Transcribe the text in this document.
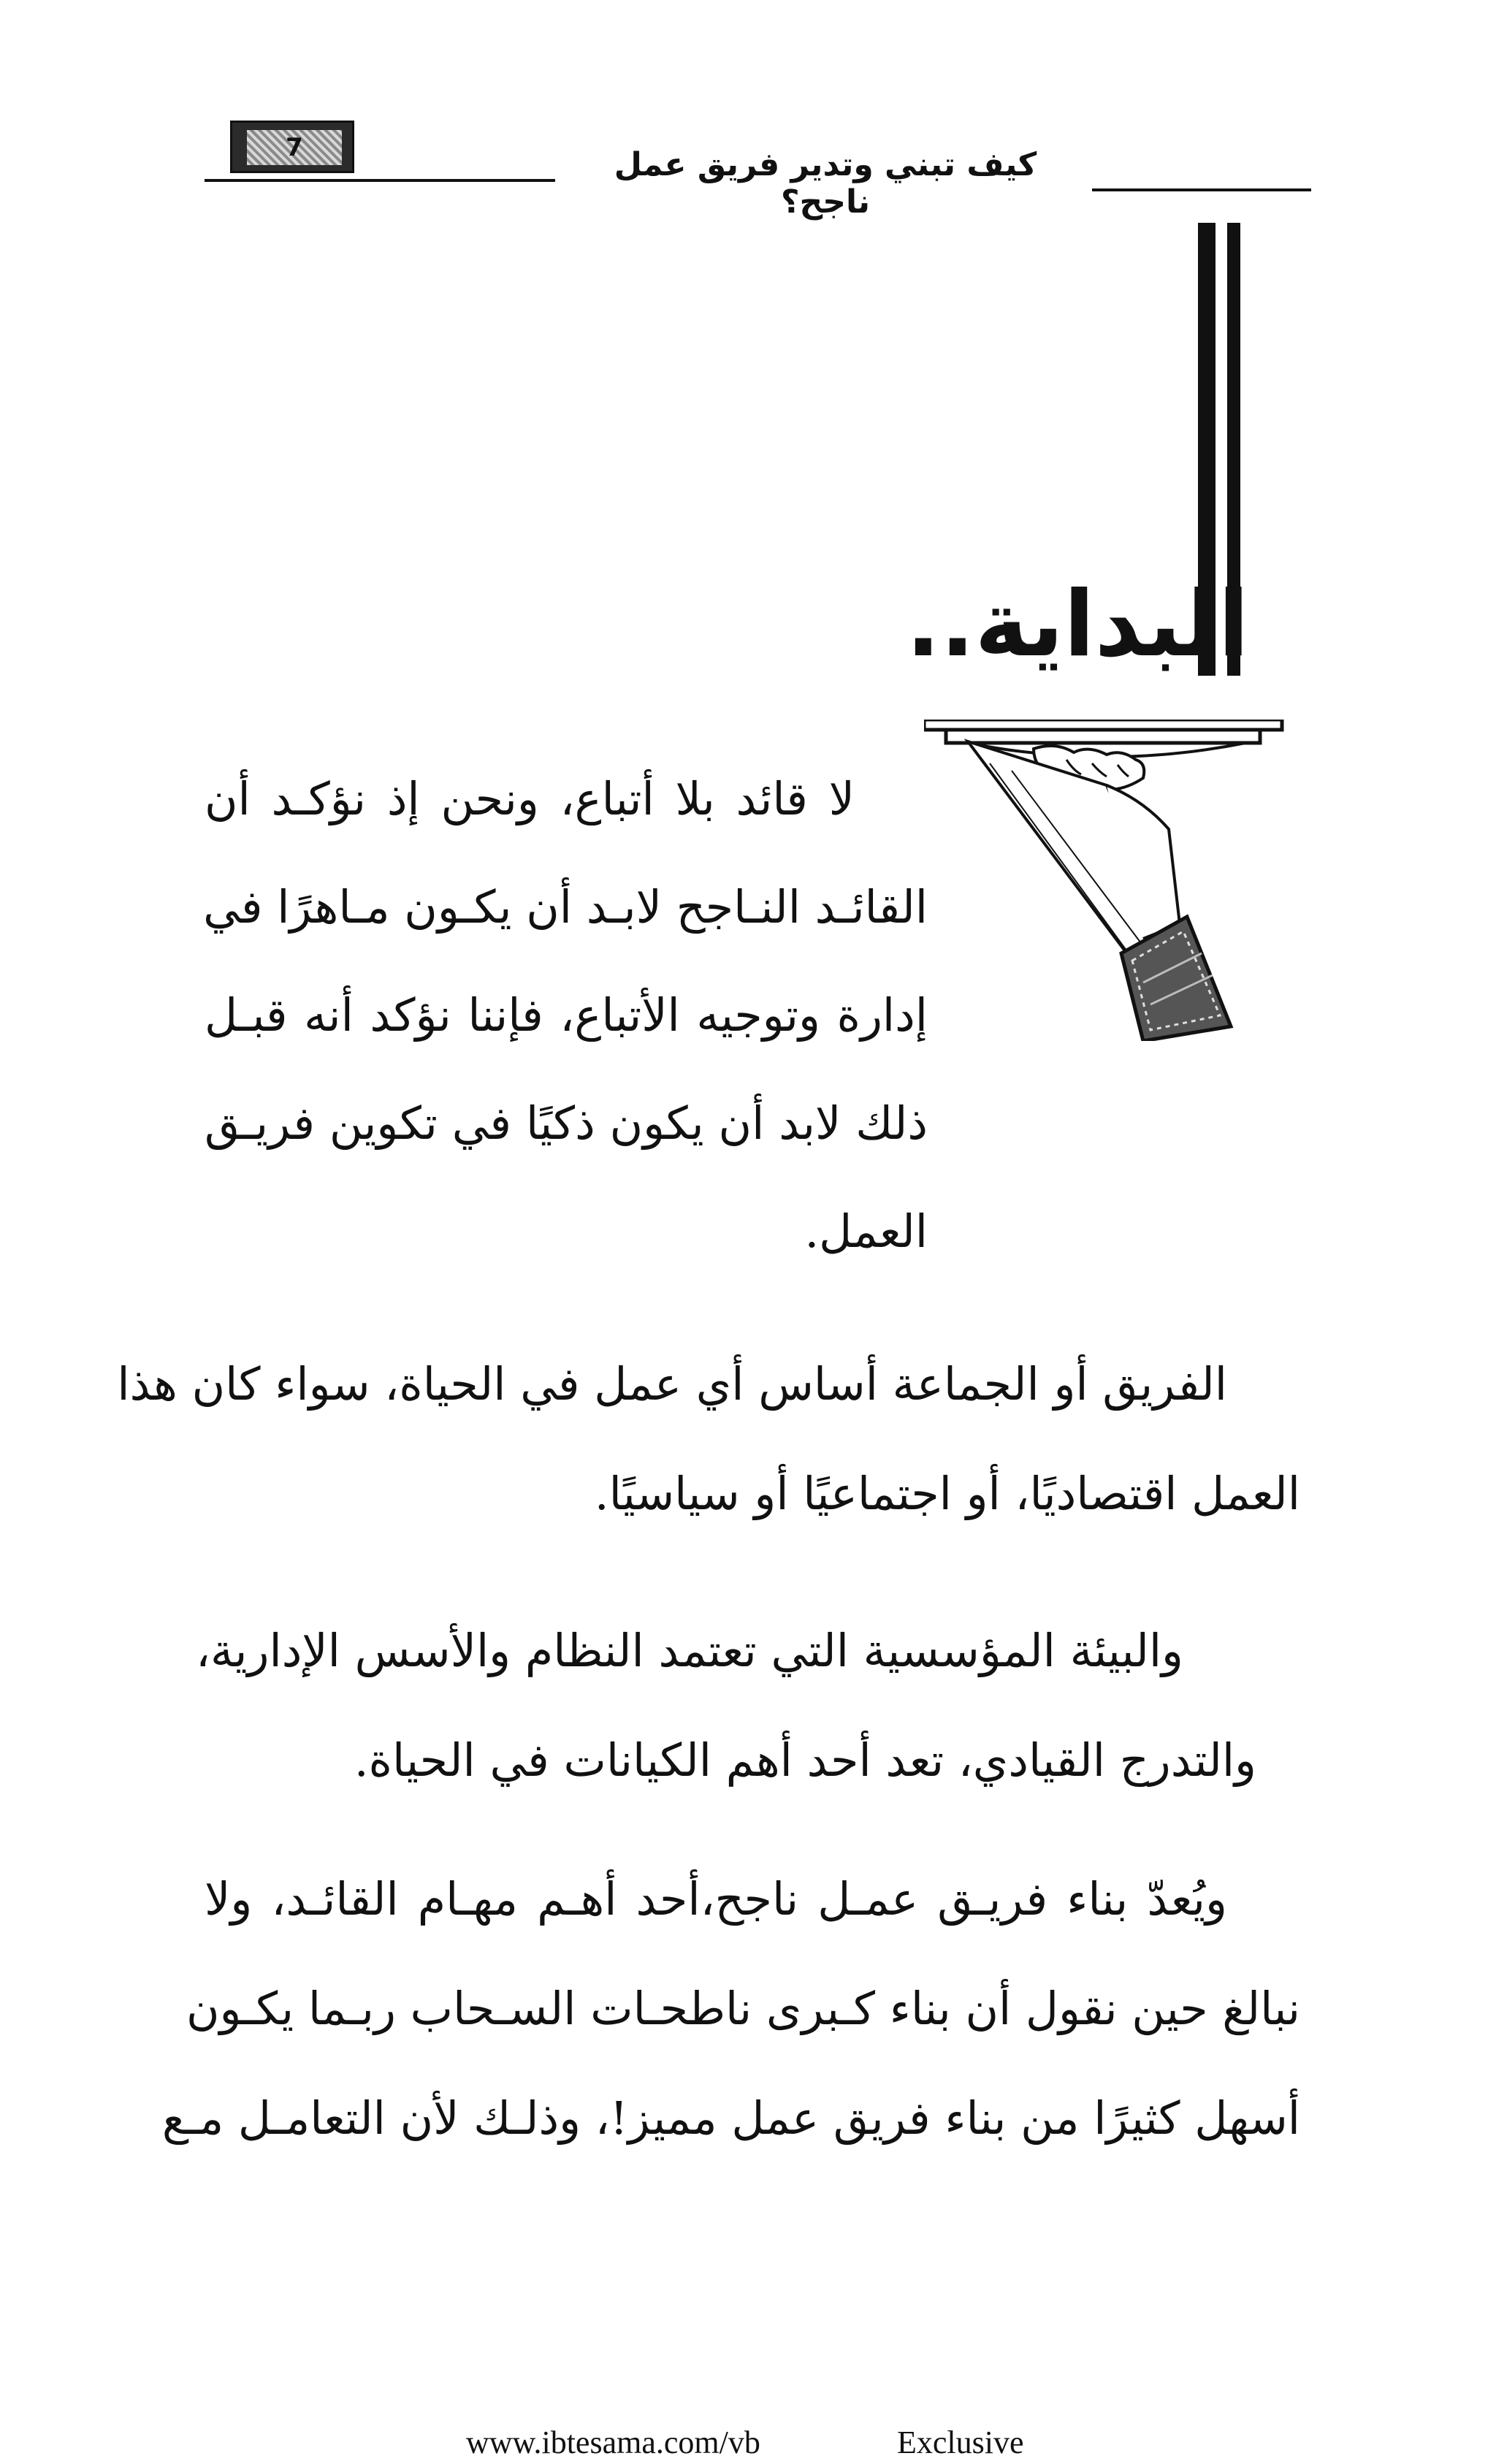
7	كيف تبني وتدير فريق عمل ناجح؟
البداية..
لا قائد بلا أتباع، ونحن إذ نؤكـد أن
القائـد النـاجح لابـد أن يكـون مـاهرًا في
إدارة وتوجيه الأتباع، فإننا نؤكد أنه قبـل
ذلك لابد أن يكون ذكيًا في تكوين فريـق
العمل.
الفريق أو الجماعة أساس أي عمل في الحياة، سواء كان هذا
العمل اقتصاديًا، أو اجتماعيًا أو سياسيًا.
والبيئة المؤسسية التي تعتمد النظام والأسس الإدارية،
والتدرج القيادي، تعد أحد أهم الكيانات في الحياة.
ويُعدّ بناء فريـق عمـل ناجح،أحد أهـم مهـام القائـد، ولا
نبالغ حين نقول أن بناء كـبرى ناطحـات السـحاب ربـما يكـون
أسهل كثيرًا من بناء فريق عمل مميز!، وذلـك لأن التعامـل مـع
www.ibtesama.com/vb	Exclusive
